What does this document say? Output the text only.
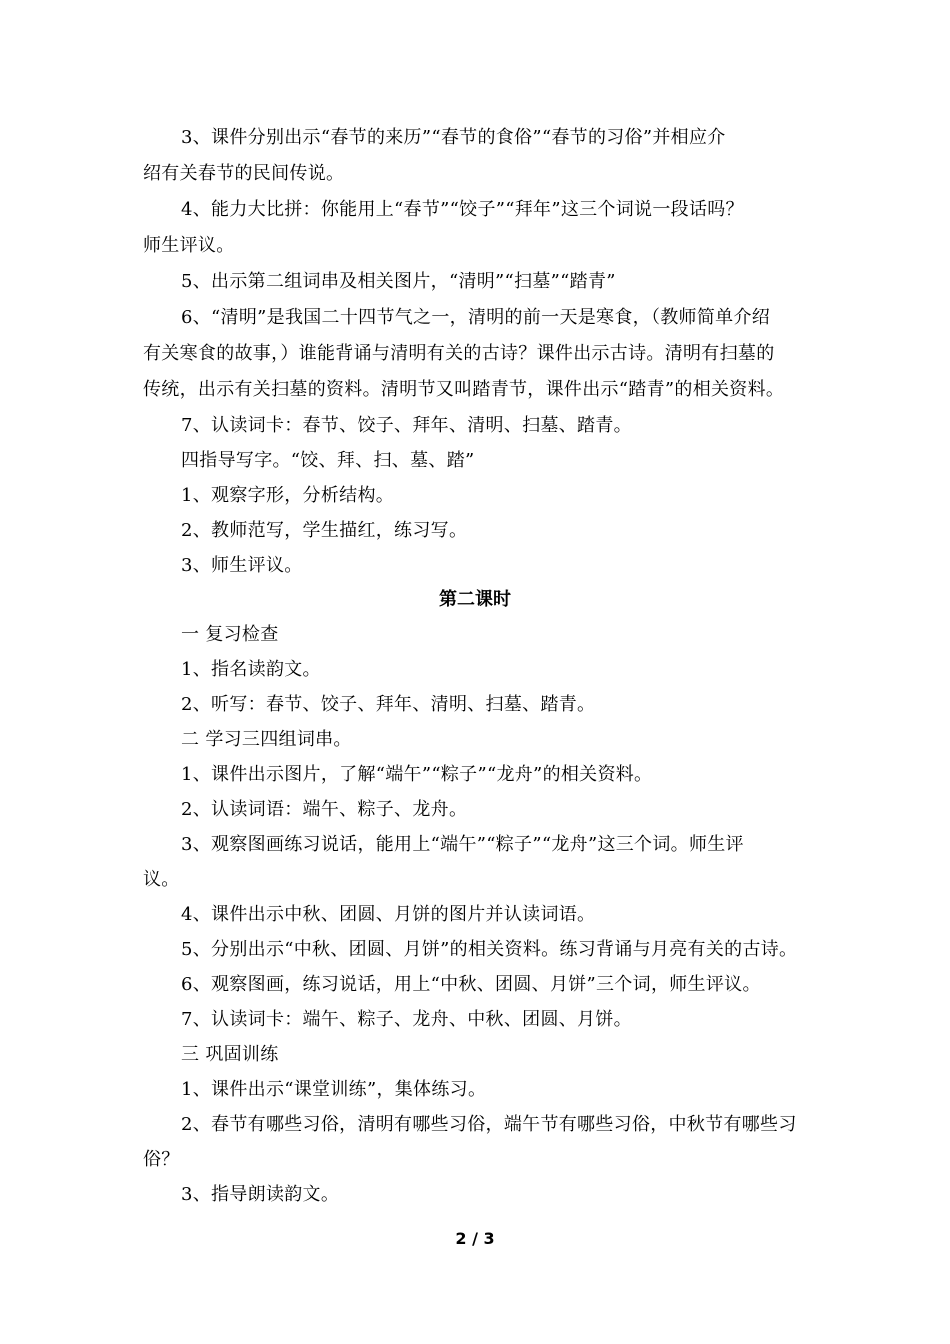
3、课件分别出示“春节的来历”“春节的食俗”“春节的习俗”并相应介
绍有关春节的民间传说。
4、能力大比拼：你能用上“春节”“饺子”“拜年”这三个词说一段话吗？
师生评议。
5、出示第二组词串及相关图片，“清明”“扫墓”“踏青”
6、“清明”是我国二十四节气之一，清明的前一天是寒食，（教师简单介绍
有关寒食的故事，）谁能背诵与清明有关的古诗？课件出示古诗。清明有扫墓的
传统，出示有关扫墓的资料。清明节又叫踏青节，课件出示“踏青”的相关资料。
7、认读词卡：春节、饺子、拜年、清明、扫墓、踏青。
四指导写字。“饺、拜、扫、墓、踏”
1、观察字形，分析结构。
2、教师范写，学生描红，练习写。
3、师生评议。
第二课时
一 复习检查
1、指名读韵文。
2、听写：春节、饺子、拜年、清明、扫墓、踏青。
二 学习三四组词串。
1、课件出示图片，了解“端午”“粽子”“龙舟”的相关资料。
2、认读词语：端午、粽子、龙舟。
3、观察图画练习说话，能用上“端午”“粽子”“龙舟”这三个词。师生评
议。
4、课件出示中秋、团圆、月饼的图片并认读词语。
5、分别出示“中秋、团圆、月饼”的相关资料。练习背诵与月亮有关的古诗。
6、观察图画，练习说话，用上“中秋、团圆、月饼”三个词，师生评议。
7、认读词卡：端午、粽子、龙舟、中秋、团圆、月饼。
三 巩固训练
1、课件出示“课堂训练”，集体练习。
2、春节有哪些习俗，清明有哪些习俗，端午节有哪些习俗，中秋节有哪些习
俗？
3、指导朗读韵文。
2 / 3
